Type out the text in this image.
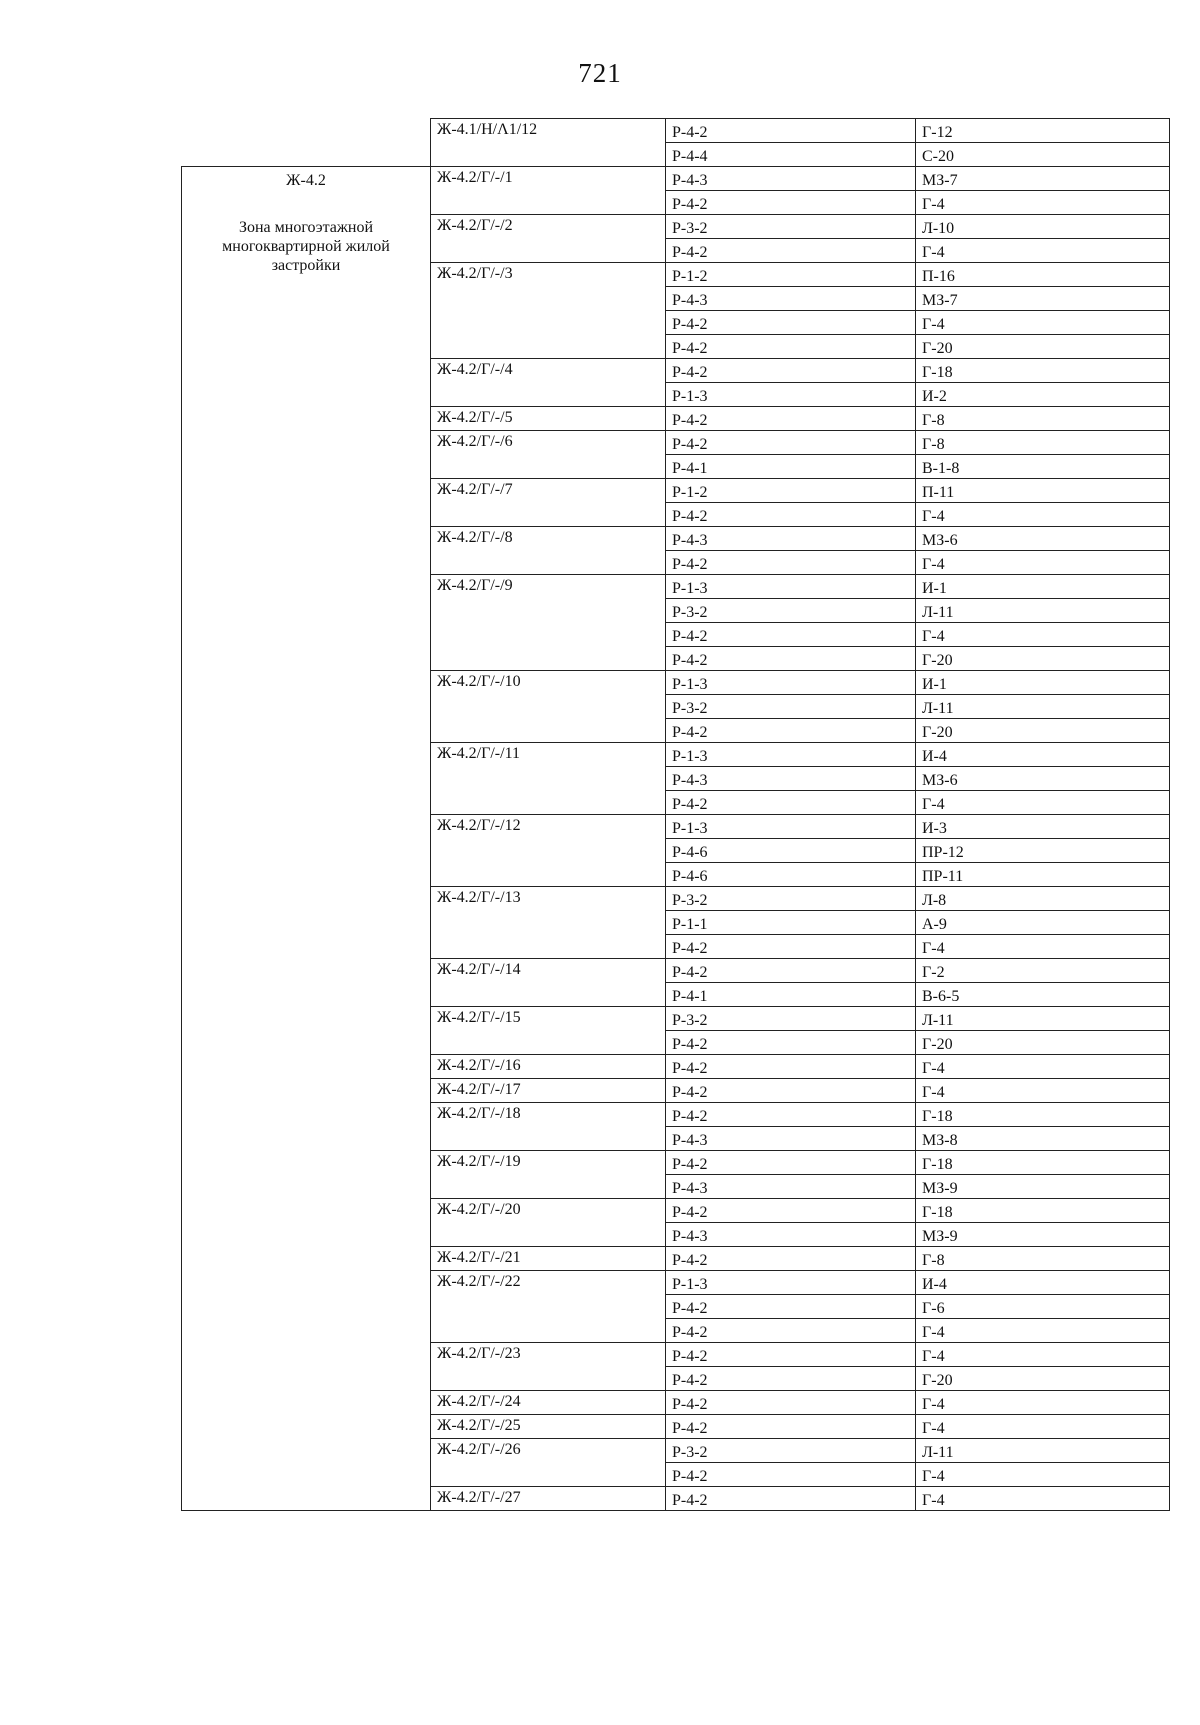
721
	Ж-4.1/Н/Λ1/12	Р-4-2	Г-12
		Р-4-4	С-20

Ж-4.2
Зона многоэтажной многоквартирной жилой застройки	Ж-4.2/Г/-/1	Р-4-3	МЗ-7
		Р-4-2	Г-4
	Ж-4.2/Г/-/2	Р-3-2	Л-10
		Р-4-2	Г-4
	Ж-4.2/Г/-/3	Р-1-2	П-16
		Р-4-3	МЗ-7
		Р-4-2	Г-4
		Р-4-2	Г-20
	Ж-4.2/Г/-/4	Р-4-2	Г-18
		Р-1-3	И-2
	Ж-4.2/Г/-/5	Р-4-2	Г-8
	Ж-4.2/Г/-/6	Р-4-2	Г-8
		Р-4-1	В-1-8
	Ж-4.2/Г/-/7	Р-1-2	П-11
		Р-4-2	Г-4
	Ж-4.2/Г/-/8	Р-4-3	МЗ-6
		Р-4-2	Г-4
	Ж-4.2/Г/-/9	Р-1-3	И-1
		Р-3-2	Л-11
		Р-4-2	Г-4
		Р-4-2	Г-20
	Ж-4.2/Г/-/10	Р-1-3	И-1
		Р-3-2	Л-11
		Р-4-2	Г-20
	Ж-4.2/Г/-/11	Р-1-3	И-4
		Р-4-3	МЗ-6
		Р-4-2	Г-4
	Ж-4.2/Г/-/12	Р-1-3	И-3
		Р-4-6	ПР-12
		Р-4-6	ПР-11
	Ж-4.2/Г/-/13	Р-3-2	Л-8
		Р-1-1	А-9
		Р-4-2	Г-4
	Ж-4.2/Г/-/14	Р-4-2	Г-2
		Р-4-1	В-6-5
	Ж-4.2/Г/-/15	Р-3-2	Л-11
		Р-4-2	Г-20
	Ж-4.2/Г/-/16	Р-4-2	Г-4
	Ж-4.2/Г/-/17	Р-4-2	Г-4
	Ж-4.2/Г/-/18	Р-4-2	Г-18
		Р-4-3	МЗ-8
	Ж-4.2/Г/-/19	Р-4-2	Г-18
		Р-4-3	МЗ-9
	Ж-4.2/Г/-/20	Р-4-2	Г-18
		Р-4-3	МЗ-9
	Ж-4.2/Г/-/21	Р-4-2	Г-8
	Ж-4.2/Г/-/22	Р-1-3	И-4
		Р-4-2	Г-6
		Р-4-2	Г-4
	Ж-4.2/Г/-/23	Р-4-2	Г-4
		Р-4-2	Г-20
	Ж-4.2/Г/-/24	Р-4-2	Г-4
	Ж-4.2/Г/-/25	Р-4-2	Г-4
	Ж-4.2/Г/-/26	Р-3-2	Л-11
		Р-4-2	Г-4
	Ж-4.2/Г/-/27	Р-4-2	Г-4
